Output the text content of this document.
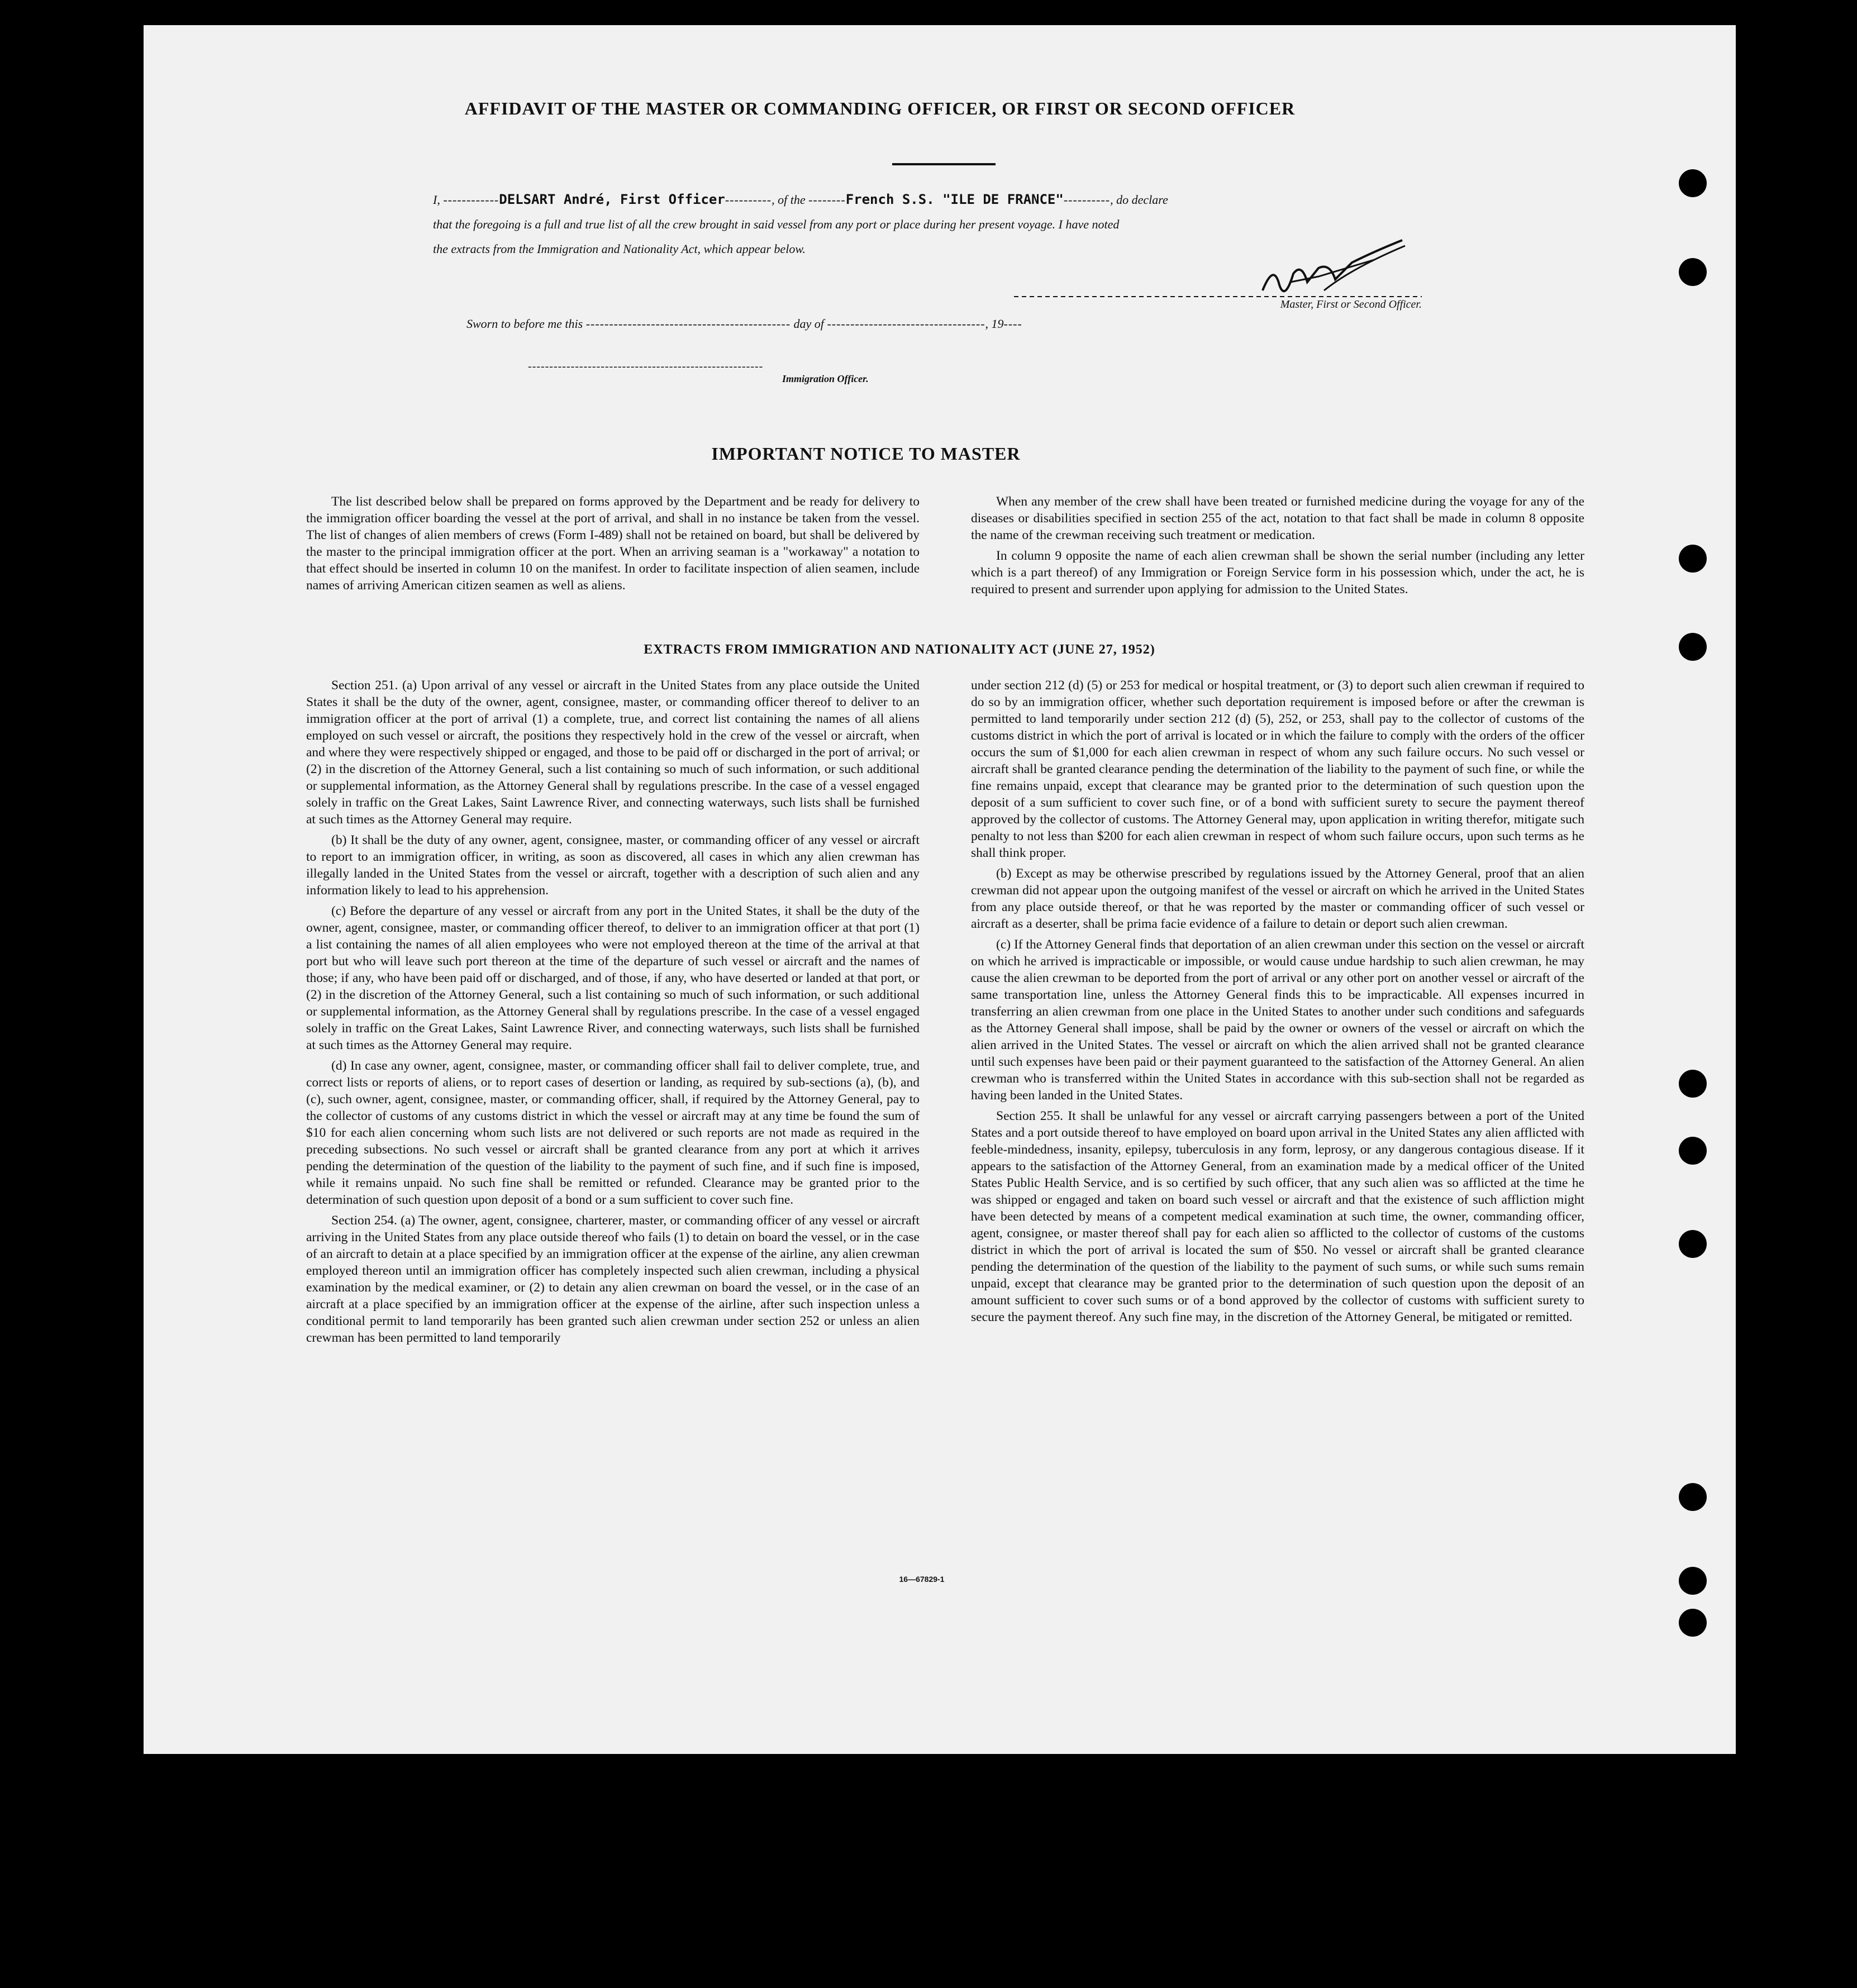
AFFIDAVIT OF THE MASTER OR COMMANDING OFFICER, OR FIRST OR SECOND OFFICER
I, ------------DELSART André, First Officer----------, of the --------French S.S. "ILE DE FRANCE"----------, do declare
that the foregoing is a full and true list of all the crew brought in said vessel from any port or place during her present voyage. I have noted
the extracts from the Immigration and Nationality Act, which appear below.
Master, First or Second Officer.
Sworn to before me this -------------------------------------------- day of ----------------------------------, 19----
-------------------------------------------------------
Immigration Officer.
IMPORTANT NOTICE TO MASTER

The list described below shall be prepared on forms approved by the Department and be ready for delivery to the immigration officer boarding the vessel at the port of arrival, and shall in no instance be taken from the vessel. The list of changes of alien members of crews (Form I-489) shall not be retained on board, but shall be delivered by the master to the principal immigration officer at the port. When an arriving seaman is a "workaway" a notation to that effect should be inserted in column 10 on the manifest. In order to facilitate inspection of alien seamen, include names of arriving American citizen seamen as well as aliens.

When any member of the crew shall have been treated or furnished medicine during the voyage for any of the diseases or disabilities specified in section 255 of the act, notation to that fact shall be made in column 8 opposite the name of the crewman receiving such treatment or medication.

In column 9 opposite the name of each alien crewman shall be shown the serial number (including any letter which is a part thereof) of any Immigration or Foreign Service form in his possession which, under the act, he is required to present and surrender upon applying for admission to the United States.

EXTRACTS FROM IMMIGRATION AND NATIONALITY ACT (JUNE 27, 1952)

Section 251. (a) Upon arrival of any vessel or aircraft in the United States from any place outside the United States it shall be the duty of the owner, agent, consignee, master, or commanding officer thereof to deliver to an immigration officer at the port of arrival (1) a complete, true, and correct list containing the names of all aliens employed on such vessel or aircraft, the positions they respectively hold in the crew of the vessel or aircraft, when and where they were respectively shipped or engaged, and those to be paid off or discharged in the port of arrival; or (2) in the discretion of the Attorney General, such a list containing so much of such information, or such additional or supplemental information, as the Attorney General shall by regulations prescribe. In the case of a vessel engaged solely in traffic on the Great Lakes, Saint Lawrence River, and connecting waterways, such lists shall be furnished at such times as the Attorney General may require.

(b) It shall be the duty of any owner, agent, consignee, master, or commanding officer of any vessel or aircraft to report to an immigration officer, in writing, as soon as discovered, all cases in which any alien crewman has illegally landed in the United States from the vessel or aircraft, together with a description of such alien and any information likely to lead to his apprehension.

(c) Before the departure of any vessel or aircraft from any port in the United States, it shall be the duty of the owner, agent, consignee, master, or commanding officer thereof, to deliver to an immigration officer at that port (1) a list containing the names of all alien employees who were not employed thereon at the time of the arrival at that port but who will leave such port thereon at the time of the departure of such vessel or aircraft and the names of those; if any, who have been paid off or discharged, and of those, if any, who have deserted or landed at that port, or (2) in the discretion of the Attorney General, such a list containing so much of such information, or such additional or supplemental information, as the Attorney General shall by regulations prescribe. In the case of a vessel engaged solely in traffic on the Great Lakes, Saint Lawrence River, and connecting waterways, such lists shall be furnished at such times as the Attorney General may require.

(d) In case any owner, agent, consignee, master, or commanding officer shall fail to deliver complete, true, and correct lists or reports of aliens, or to report cases of desertion or landing, as required by sub-sections (a), (b), and (c), such owner, agent, consignee, master, or commanding officer, shall, if required by the Attorney General, pay to the collector of customs of any customs district in which the vessel or aircraft may at any time be found the sum of $10 for each alien concerning whom such lists are not delivered or such reports are not made as required in the preceding subsections. No such vessel or aircraft shall be granted clearance from any port at which it arrives pending the determination of the question of the liability to the payment of such fine, and if such fine is imposed, while it remains unpaid. No such fine shall be remitted or refunded. Clearance may be granted prior to the determination of such question upon deposit of a bond or a sum sufficient to cover such fine.

Section 254. (a) The owner, agent, consignee, charterer, master, or commanding officer of any vessel or aircraft arriving in the United States from any place outside thereof who fails (1) to detain on board the vessel, or in the case of an aircraft to detain at a place specified by an immigration officer at the expense of the airline, any alien crewman employed thereon until an immigration officer has completely inspected such alien crewman, including a physical examination by the medical examiner, or (2) to detain any alien crewman on board the vessel, or in the case of an aircraft at a place specified by an immigration officer at the expense of the airline, after such inspection unless a conditional permit to land temporarily has been granted such alien crewman under section 252 or unless an alien crewman has been permitted to land temporarily

under section 212 (d) (5) or 253 for medical or hospital treatment, or (3) to deport such alien crewman if required to do so by an immigration officer, whether such deportation requirement is imposed before or after the crewman is permitted to land temporarily under section 212 (d) (5), 252, or 253, shall pay to the collector of customs of the customs district in which the port of arrival is located or in which the failure to comply with the orders of the officer occurs the sum of $1,000 for each alien crewman in respect of whom any such failure occurs. No such vessel or aircraft shall be granted clearance pending the determination of the liability to the payment of such fine, or while the fine remains unpaid, except that clearance may be granted prior to the determination of such question upon the deposit of a sum sufficient to cover such fine, or of a bond with sufficient surety to secure the payment thereof approved by the collector of customs. The Attorney General may, upon application in writing therefor, mitigate such penalty to not less than $200 for each alien crewman in respect of whom such failure occurs, upon such terms as he shall think proper.

(b) Except as may be otherwise prescribed by regulations issued by the Attorney General, proof that an alien crewman did not appear upon the outgoing manifest of the vessel or aircraft on which he arrived in the United States from any place outside thereof, or that he was reported by the master or commanding officer of such vessel or aircraft as a deserter, shall be prima facie evidence of a failure to detain or deport such alien crewman.

(c) If the Attorney General finds that deportation of an alien crewman under this section on the vessel or aircraft on which he arrived is impracticable or impossible, or would cause undue hardship to such alien crewman, he may cause the alien crewman to be deported from the port of arrival or any other port on another vessel or aircraft of the same transportation line, unless the Attorney General finds this to be impracticable. All expenses incurred in transferring an alien crewman from one place in the United States to another under such conditions and safeguards as the Attorney General shall impose, shall be paid by the owner or owners of the vessel or aircraft on which the alien arrived in the United States. The vessel or aircraft on which the alien arrived shall not be granted clearance until such expenses have been paid or their payment guaranteed to the satisfaction of the Attorney General. An alien crewman who is transferred within the United States in accordance with this sub-section shall not be regarded as having been landed in the United States.

Section 255. It shall be unlawful for any vessel or aircraft carrying passengers between a port of the United States and a port outside thereof to have employed on board upon arrival in the United States any alien afflicted with feeble-mindedness, insanity, epilepsy, tuberculosis in any form, leprosy, or any dangerous contagious disease. If it appears to the satisfaction of the Attorney General, from an examination made by a medical officer of the United States Public Health Service, and is so certified by such officer, that any such alien was so afflicted at the time he was shipped or engaged and taken on board such vessel or aircraft and that the existence of such affliction might have been detected by means of a competent medical examination at such time, the owner, commanding officer, agent, consignee, or master thereof shall pay for each alien so afflicted to the collector of customs of the customs district in which the port of arrival is located the sum of $50. No vessel or aircraft shall be granted clearance pending the determination of the question of the liability to the payment of such sums, or while such sums remain unpaid, except that clearance may be granted prior to the determination of such question upon the deposit of an amount sufficient to cover such sums or of a bond approved by the collector of customs with sufficient surety to secure the payment thereof. Any such fine may, in the discretion of the Attorney General, be mitigated or remitted.

16—67829-1
